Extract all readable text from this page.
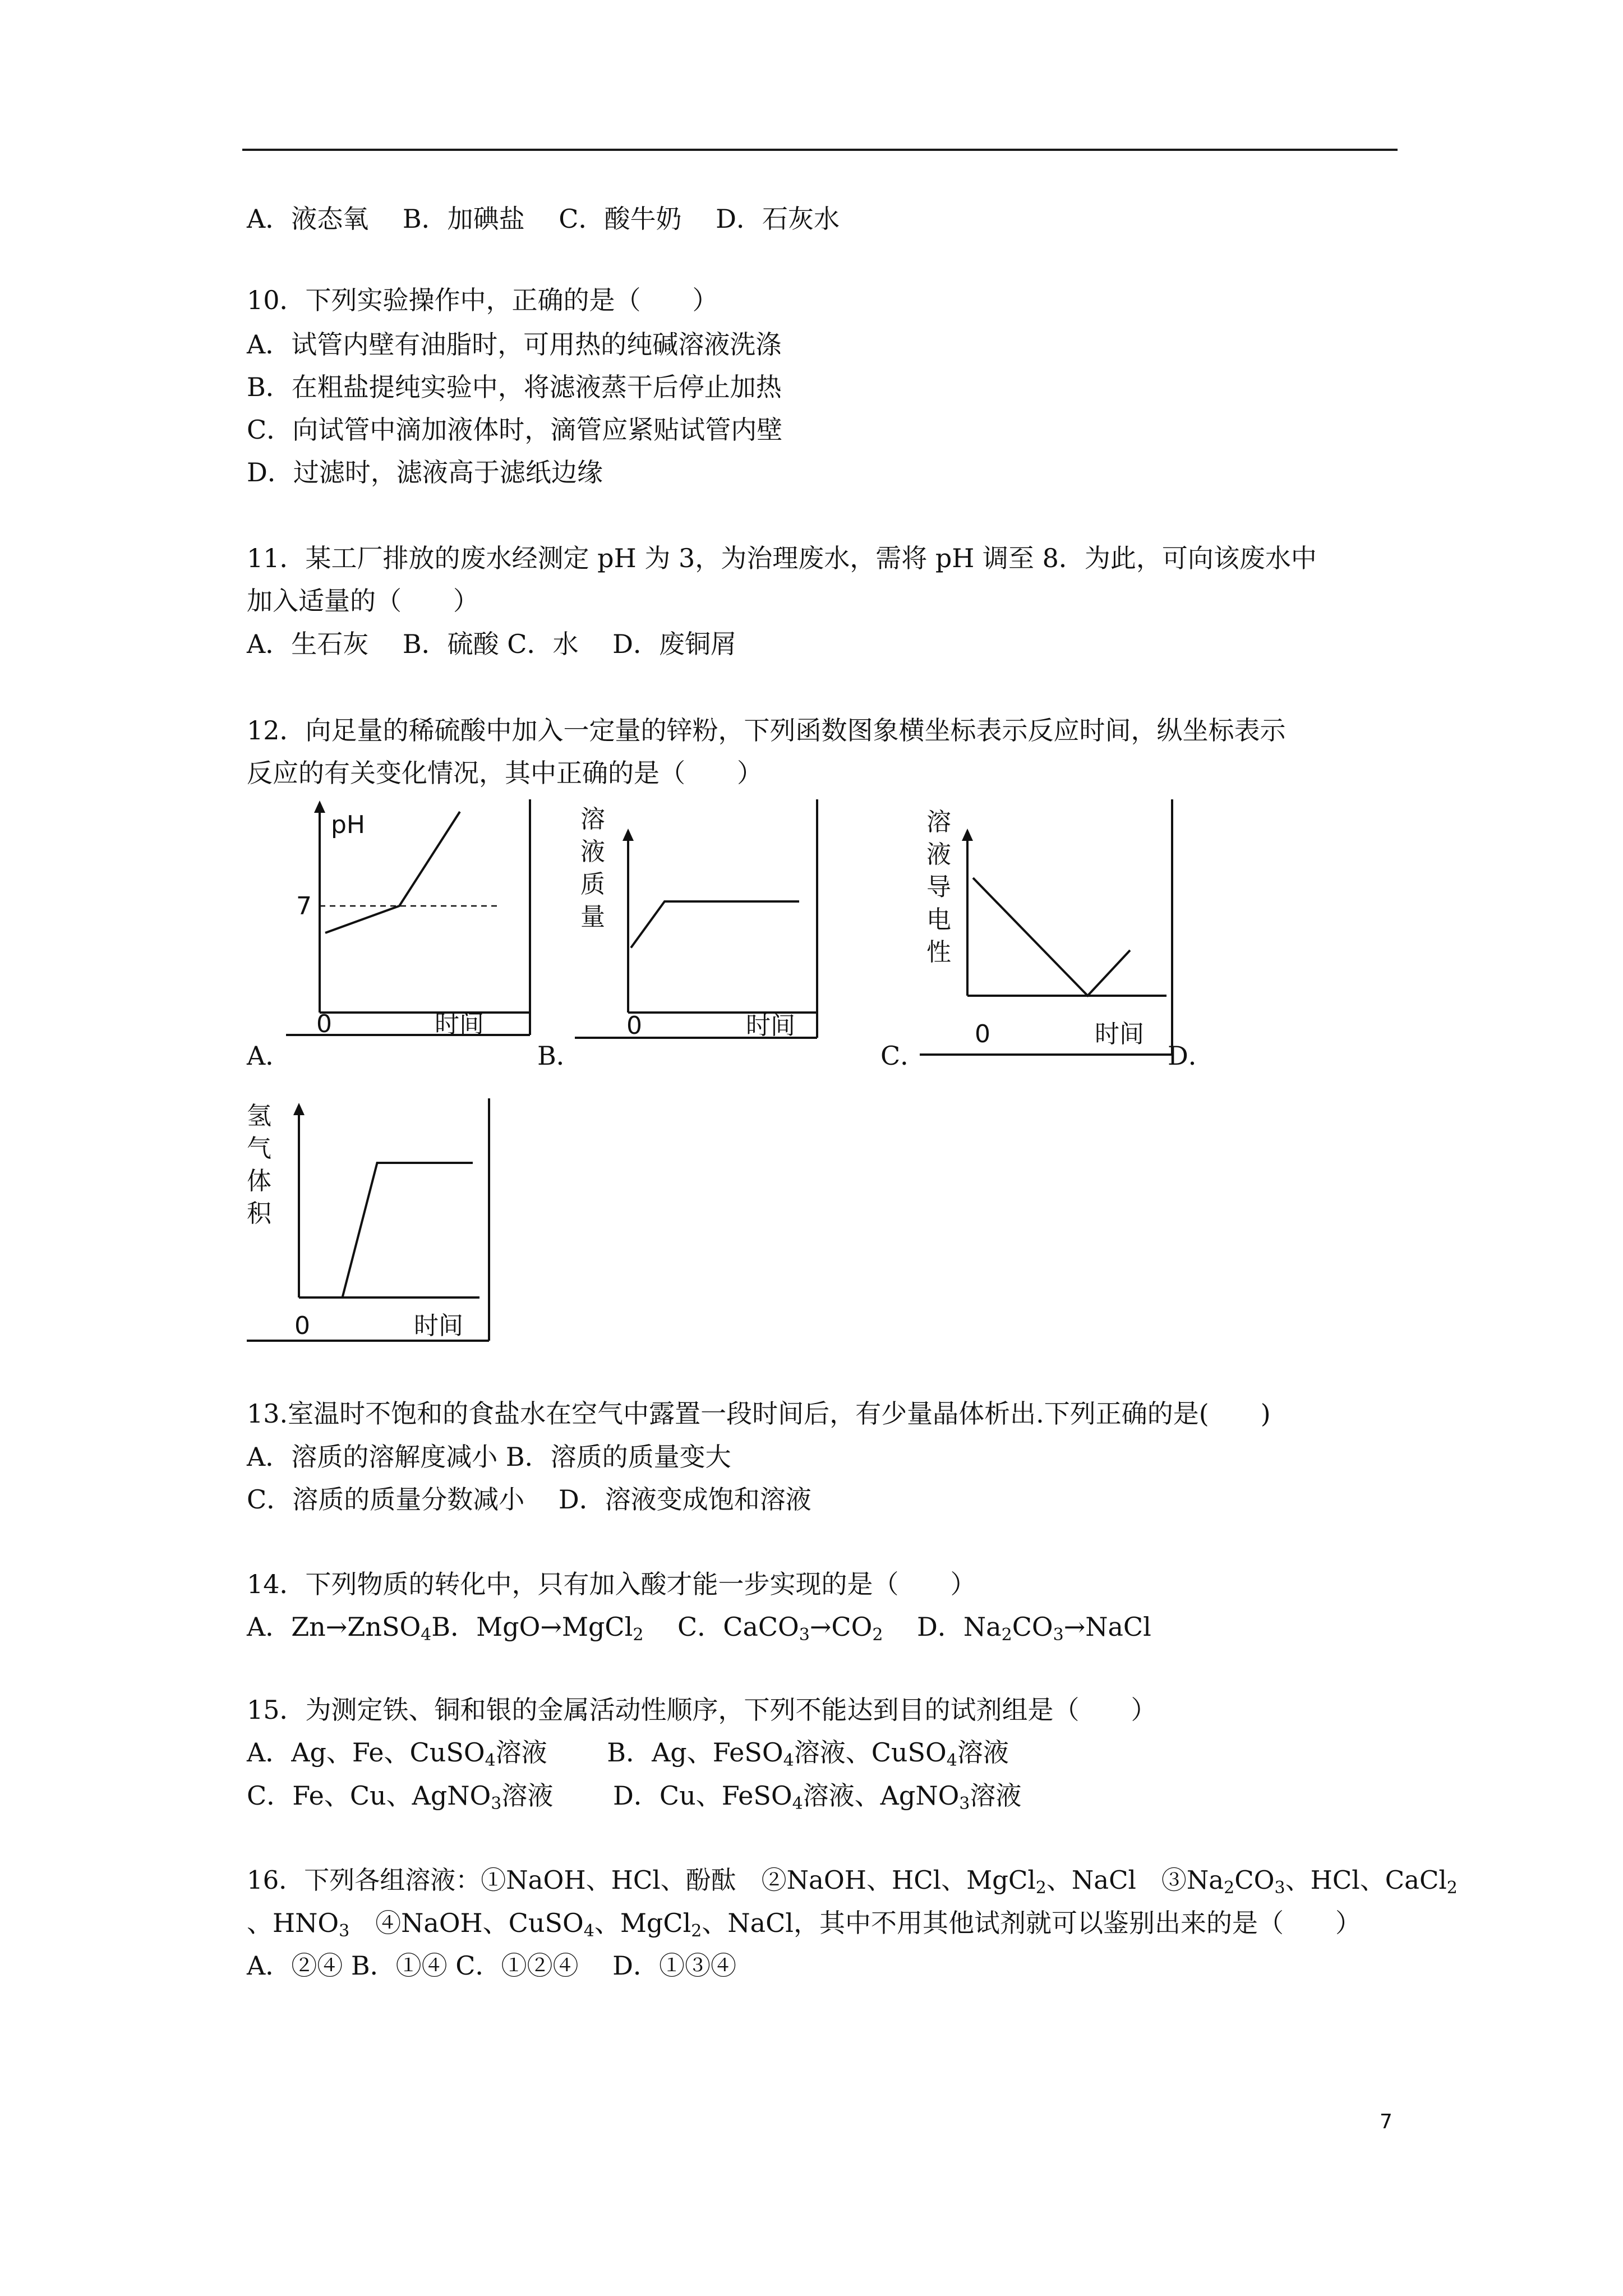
A．液态氧　 B．加碘盐　 C．酸牛奶　 D．石灰水
10．下列实验操作中，正确的是（　　）
A．试管内壁有油脂时，可用热的纯碱溶液洗涤
B．在粗盐提纯实验中，将滤液蒸干后停止加热
C．向试管中滴加液体时，滴管应紧贴试管内壁
D．过滤时，滤液高于滤纸边缘
11．某工厂排放的废水经测定 pH 为 3，为治理废水，需将 pH 调至 8．为此，可向该废水中
加入适量的（　　）
A．生石灰　 B．硫酸 C．水　 D．废铜屑
12．向足量的稀硫酸中加入一定量的锌粉，下列函数图象横坐标表示反应时间，纵坐标表示
反应的有关变化情况，其中正确的是（　　）
pH
7
0	时间
A．
溶
液
质
量
0	时间
B．
溶
液
导
电
性
0	时间
C．	D．
氢
气
体
积
0	时间
13.室温时不饱和的食盐水在空气中露置一段时间后，有少量晶体析出.下列正确的是(　　)
A．溶质的溶解度减小 B．溶质的质量变大
C．溶质的质量分数减小　 D．溶液变成饱和溶液
14．下列物质的转化中，只有加入酸才能一步实现的是（　　）
A．Zn→ZnSO$_4$B．MgO→MgCl$_2$　 C．$CaCO_3\to CO_2$　 D．$Na_2CO_3\to NaCl$
15．为测定铁、铜和银的金属活动性顺序，下列不能达到目的试剂组是（　　）
A．Ag、Fe、CuSO$_4$溶液　　 B．Ag、FeSO$_4$溶液、CuSO$_4$溶液
C．Fe、Cu、AgNO$_3$溶液　　 D．Cu、FeSO$_4$溶液、AgNO$_3$溶液
16．下列各组溶液：①NaOH、HCl、酚酞　②NaOH、HCl、MgCl$_2$、NaCl　$③Na_2CO_3$、HCl、CaCl$_2$
、$HNO_3$　④NaOH、CuSO$_4$、MgCl$_2$、NaCl，其中不用其他试剂就可以鉴别出来的是（　　）
A．②④ B．①④ C．①②④　 D．①③④
7
